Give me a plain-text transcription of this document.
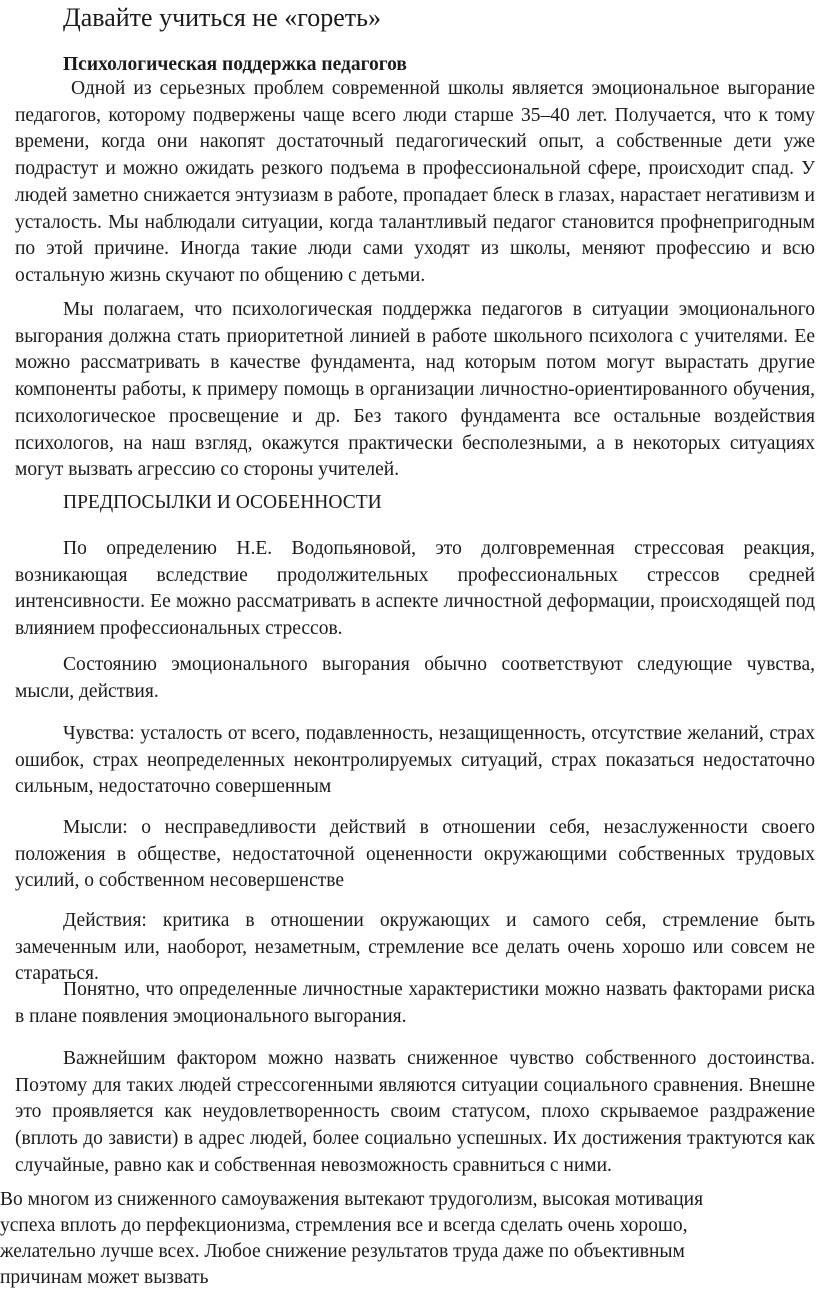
Давайте учиться не «гореть»
Психологическая поддержка педагогов

Одной из серьезных проблем современной школы является эмоциональное выгорание педагогов, которому подвержены чаще всего люди старше 35–40 лет. Получается, что к тому времени, когда они накопят достаточный педагогический опыт, а собственные дети уже подрастут и можно ожидать резкого подъема в профессиональной сфере, происходит спад. У людей заметно снижается энтузиазм в работе, пропадает блеск в глазах, нарастает негативизм и усталость. Мы наблюдали ситуации, когда талантливый педагог становится профнепригодным по этой причине. Иногда такие люди сами уходят из школы, меняют профессию и всю остальную жизнь скучают по общению с детьми.

Мы полагаем, что психологическая поддержка педагогов в ситуации эмоционального выгорания должна стать приоритетной линией в работе школьного психолога с учителями. Ее можно рассматривать в качестве фундамента, над которым потом могут вырастать другие компоненты работы, к примеру помощь в организации личностно-ориентированного обучения, психологическое просвещение и др. Без такого фундамента все остальные воздействия психологов, на наш взгляд, окажутся практически бесполезными, а в некоторых ситуациях могут вызвать агрессию со стороны учителей.

ПРЕДПОСЫЛКИ И ОСОБЕННОСТИ

По определению Н.Е. Водопьяновой, это долговременная стрессовая реакция, возникающая вследствие продолжительных профессиональных стрессов средней интенсивности. Ее можно рассматривать в аспекте личностной деформации, происходящей под влиянием профессиональных стрессов.

Состоянию эмоционального выгорания обычно соответствуют следующие чувства, мысли, действия.

Чувства: усталость от всего, подавленность, незащищенность, отсутствие желаний, страх ошибок, страх неопределенных неконтролируемых ситуаций, страх показаться недостаточно сильным, недостаточно совершенным

Мысли: о несправедливости действий в отношении себя, незаслуженности своего положения в обществе, недостаточной оцененности окружающими собственных трудовых усилий, о собственном несовершенстве

Действия: критика в отношении окружающих и самого себя, стремление быть замеченным или, наоборот, незаметным, стремление все делать очень хорошо или совсем не стараться.

Понятно, что определенные личностные характеристики можно назвать факторами риска в плане появления эмоционального выгорания.

Важнейшим фактором можно назвать сниженное чувство собственного достоинства. Поэтому для таких людей стрессогенными являются ситуации социального сравнения. Внешне это проявляется как неудовлетворенность своим статусом, плохо скрываемое раздражение (вплоть до зависти) в адрес людей, более социально успешных. Их достижения трактуются как случайные, равно как и собственная невозможность сравниться с ними.

Во многом из сниженного самоуважения вытекают трудоголизм, высокая мотивация успеха вплоть до перфекционизма, стремления все и всегда сделать очень хорошо, желательно лучше всех. Любое снижение результатов труда даже по объективным причинам может вызвать
